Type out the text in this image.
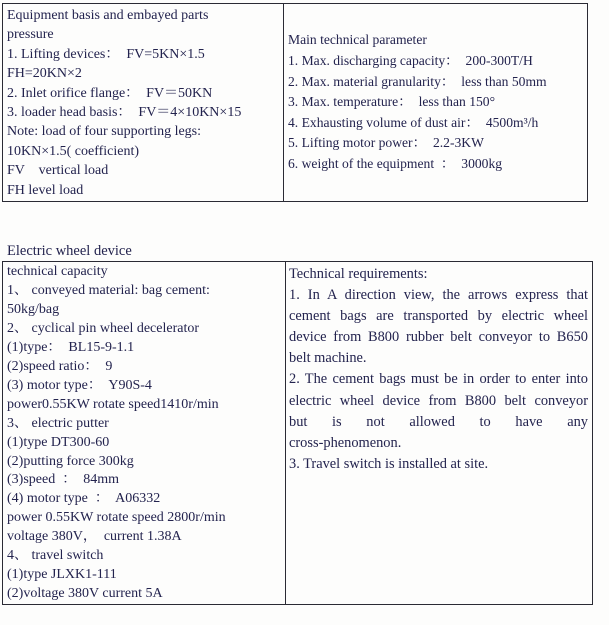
Equipment basis and embayed parts
pressure
1. Lifting devices：  FV=5KN×1.5
FH=20KN×2
2. Inlet orifice flange：  FV＝50KN
3. loader head basis：  FV＝4×10KN×15
Note: load of four supporting legs:
10KN×1.5( coefficient)
FV    vertical load
FH level load
Main technical parameter
1. Max. discharging capacity：  200-300T/H
2. Max. material granularity：  less than 50mm
3. Max. temperature：  less than 150°
4. Exhausting volume of dust air：  4500m³/h
5. Lifting motor power：  2.2-3KW
6. weight of the equipment  ：  3000kg
Electric wheel device
technical capacity
1、 conveyed material: bag cement:
50kg/bag
2、 cyclical pin wheel decelerator
(1)type：  BL15-9-1.1
(2)speed ratio：  9
(3) motor type：  Y90S-4
power0.55KW rotate speed1410r/min
3、 electric putter
(1)type DT300-60
(2)putting force 300kg
(3)speed  ：  84mm
(4) motor type  ：  A06332
power 0.55KW rotate speed 2800r/min
voltage 380V，  current 1.38A
4、 travel switch
(1)type JLXK1-111
(2)voltage 380V current 5A
Technical requirements:
1. In A direction view, the arrows express that
cement bags are transported by electric wheel
device from B800 rubber belt conveyor to B650
belt machine.
2. The cement bags must be in order to enter into
electric wheel device from B800 belt conveyor
but is not allowed to have any
cross-phenomenon.
3. Travel switch is installed at site.
